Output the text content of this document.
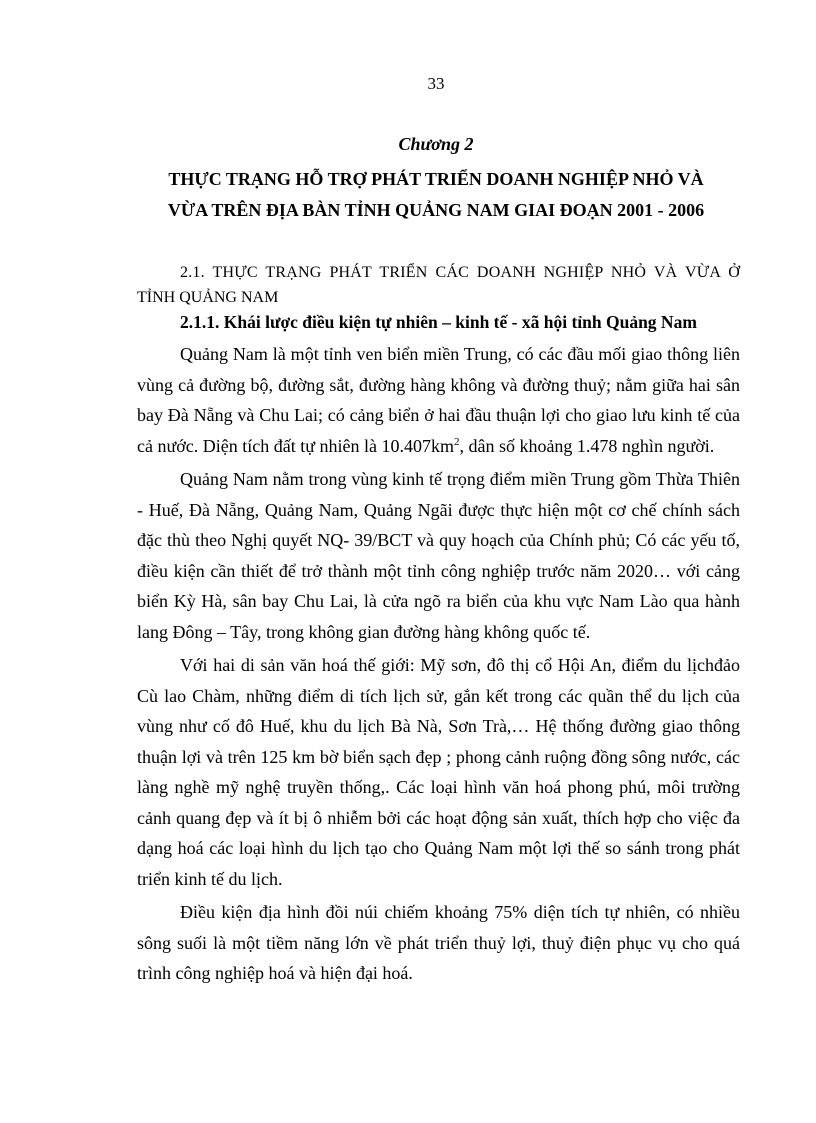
33
Chương 2
THỰC TRẠNG HỖ TRỢ PHÁT TRIỂN DOANH NGHIỆP NHỎ VÀ
VỪA TRÊN ĐỊA BÀN TỈNH QUẢNG NAM GIAI ĐOẠN 2001 - 2006
2.1. THỰC TRẠNG PHÁT TRIỂN CÁC DOANH NGHIỆP NHỎ VÀ VỪA Ở
TỈNH QUẢNG NAM
2.1.1. Khái lược điều kiện tự nhiên – kinh tế - xã hội tỉnh Quảng Nam

Quảng Nam là một tỉnh ven biển miền Trung, có các đầu mối giao thông liên vùng cả đường bộ, đường sắt, đường hàng không và đường thuỷ; nằm giữa hai sân bay Đà Nẵng và Chu Lai; có cảng biển ở hai đầu thuận lợi cho giao lưu kinh tế của cả nước. Diện tích đất tự nhiên là $10.407km^2$, dân số khoảng 1.478 nghìn người.

Quảng Nam nằm trong vùng kinh tế trọng điểm miền Trung gồm Thừa Thiên - Huế, Đà Nẵng, Quảng Nam, Quảng Ngãi được thực hiện một cơ chế chính sách đặc thù theo Nghị quyết NQ- 39/BCT và quy hoạch của Chính phủ; Có các yếu tố, điều kiện cần thiết để trở thành một tỉnh công nghiệp trước năm 2020… với cảng biển Kỳ Hà, sân bay Chu Lai, là cửa ngõ ra biển của khu vực Nam Lào qua hành lang Đông – Tây, trong không gian đường hàng không quốc tế.

Với hai di sản văn hoá thế giới: Mỹ sơn, đô thị cổ Hội An, điểm du lịchđảo Cù lao Chàm, những điểm di tích lịch sử, gắn kết trong các quần thể du lịch của vùng như cố đô Huế, khu du lịch Bà Nà, Sơn Trà,… Hệ thống đường giao thông thuận lợi và trên 125 km bờ biển sạch đẹp ; phong cảnh ruộng đồng sông nước, các làng nghề mỹ nghệ truyền thống,. Các loại hình văn hoá phong phú, môi trường cảnh quang đẹp và ít bị ô nhiễm bởi các hoạt động sản xuất, thích hợp cho việc đa dạng hoá các loại hình du lịch tạo cho Quảng Nam một lợi thế so sánh trong phát triển kinh tế du lịch.

Điều kiện địa hình đồi núi chiếm khoảng 75% diện tích tự nhiên, có nhiều sông suối là một tiềm năng lớn về phát triển thuỷ lợi, thuỷ điện phục vụ cho quá trình công nghiệp hoá và hiện đại hoá.
